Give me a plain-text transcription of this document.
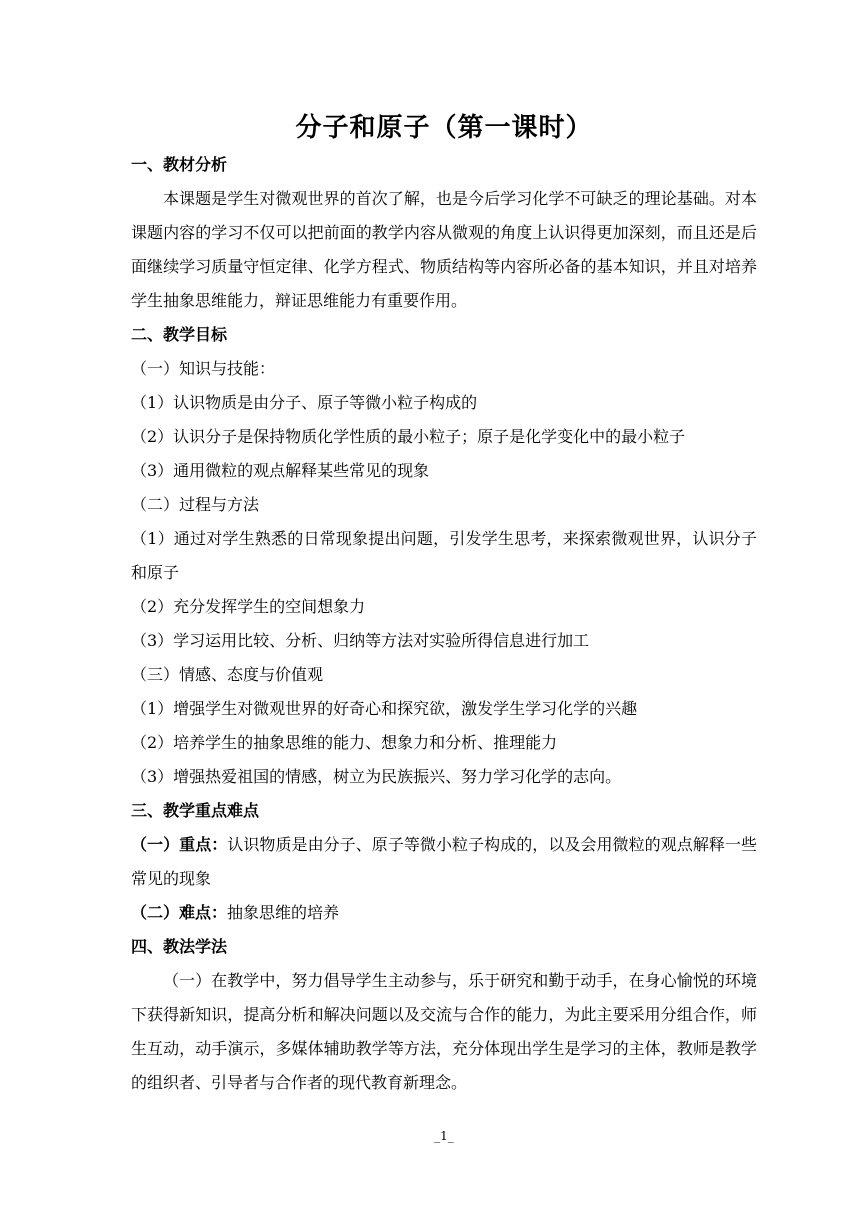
分子和原子（第一课时）

一、教材分析

本课题是学生对微观世界的首次了解，也是今后学习化学不可缺乏的理论基础。对本课题内容的学习不仅可以把前面的教学内容从微观的角度上认识得更加深刻，而且还是后面继续学习质量守恒定律、化学方程式、物质结构等内容所必备的基本知识，并且对培养学生抽象思维能力，辩证思维能力有重要作用。

二、教学目标

（一）知识与技能：

（1）认识物质是由分子、原子等微小粒子构成的

（2）认识分子是保持物质化学性质的最小粒子；原子是化学变化中的最小粒子

（3）通用微粒的观点解释某些常见的现象

（二）过程与方法

（1）通过对学生熟悉的日常现象提出问题，引发学生思考，来探索微观世界，认识分子和原子

（2）充分发挥学生的空间想象力

（3）学习运用比较、分析、归纳等方法对实验所得信息进行加工

（三）情感、态度与价值观

（1）增强学生对微观世界的好奇心和探究欲，激发学生学习化学的兴趣

（2）培养学生的抽象思维的能力、想象力和分析、推理能力

（3）增强热爱祖国的情感，树立为民族振兴、努力学习化学的志向。

三、教学重点难点

（一）重点：认识物质是由分子、原子等微小粒子构成的，以及会用微粒的观点解释一些常见的现象

（二）难点：抽象思维的培养

四、教法学法

（一）在教学中，努力倡导学生主动参与，乐于研究和勤于动手，在身心愉悦的环境下获得新知识，提高分析和解决问题以及交流与合作的能力，为此主要采用分组合作，师生互动，动手演示，多媒体辅助教学等方法，充分体现出学生是学习的主体，教师是教学的组织者、引导者与合作者的现代教育新理念。

_1_
